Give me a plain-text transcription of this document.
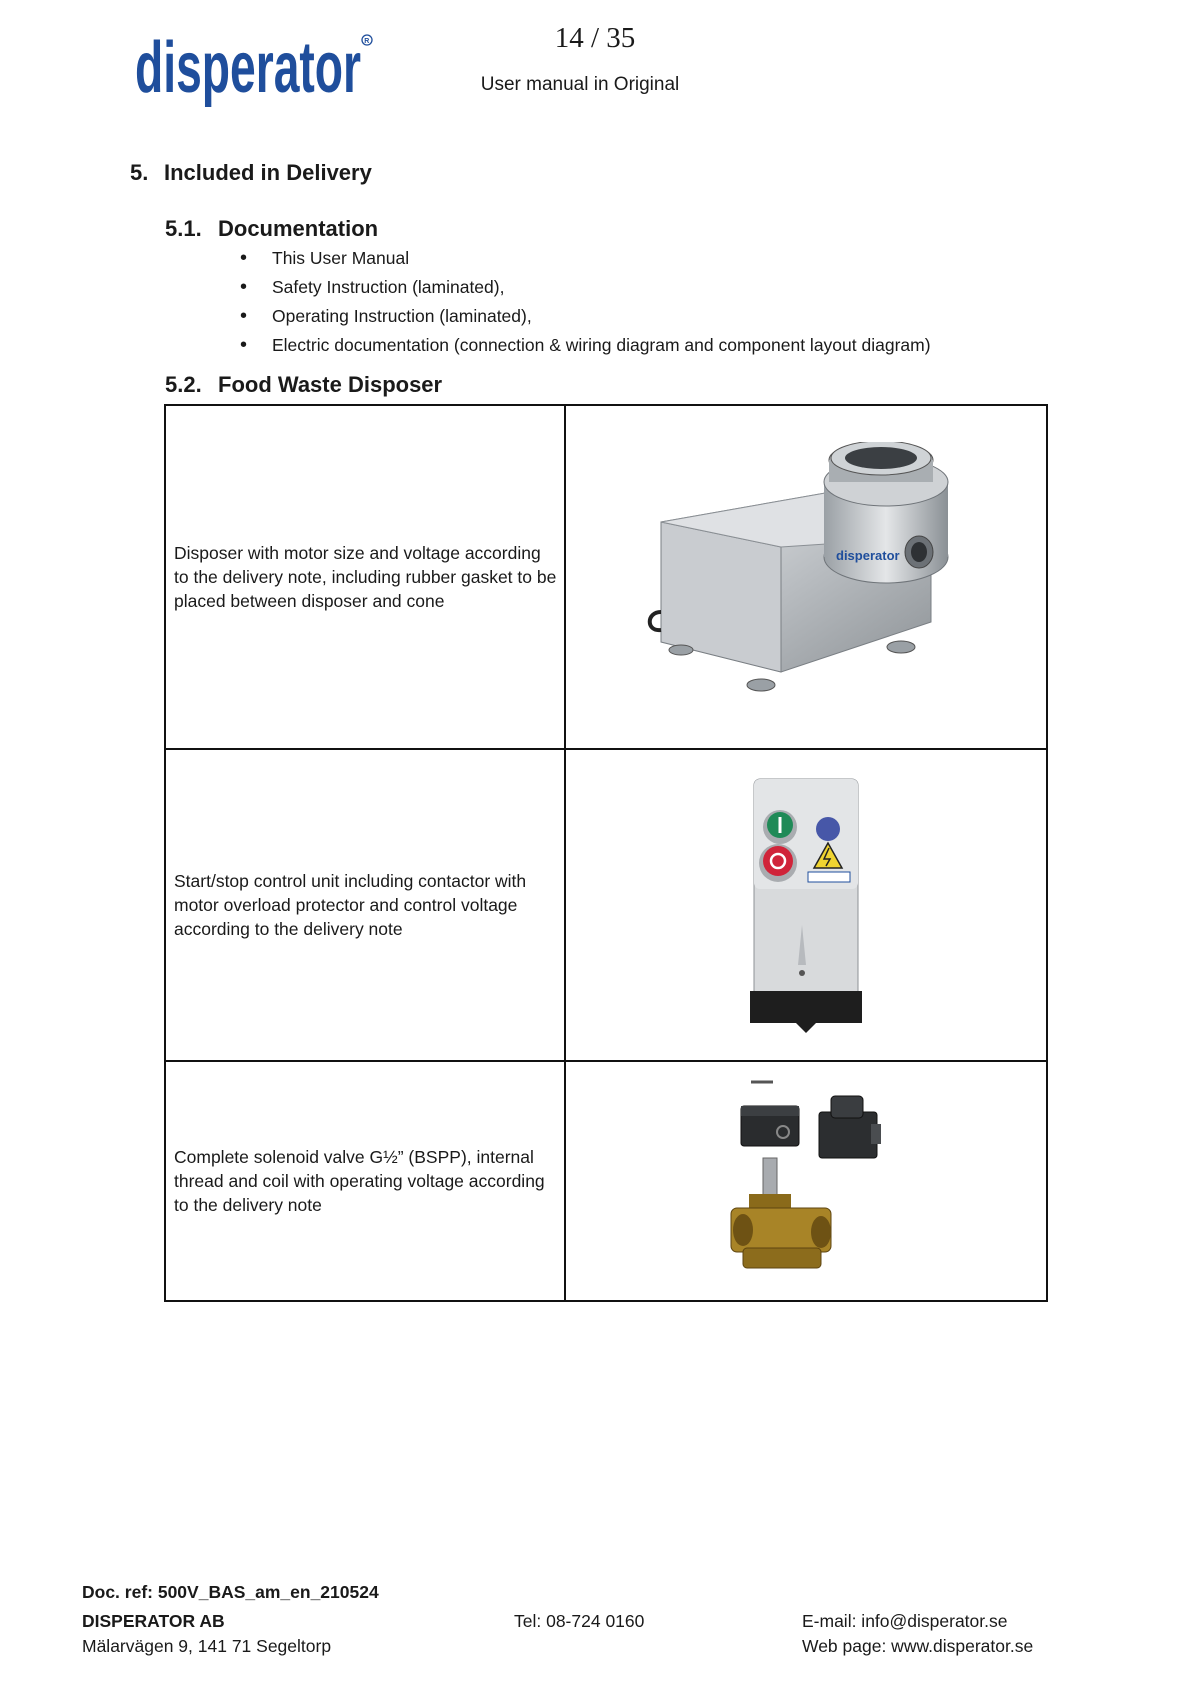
disperator R	14 / 35
User manual in Original
5. Included in Delivery
5.1. Documentation
• This User Manual
• Safety Instruction (laminated),
• Operating Instruction (laminated),
• Electric documentation (connection & wiring diagram and component layout diagram)
5.2. Food Waste Disposer
Disposer with motor size and voltage according to the delivery note, including rubber gasket to be placed between disposer and cone	disperator

Start/stop control unit including contactor with motor overload protector and control voltage according to the delivery note	

Complete solenoid valve G½” (BSPP), internal thread and coil with operating voltage according to the delivery note	
Doc. ref: 500V_BAS_am_en_210524
DISPERATOR AB
Mälarvägen 9, 141 71 Segeltorp
Tel: 08-724 0160	E-mail: info@disperator.se
Web page: www.disperator.se
